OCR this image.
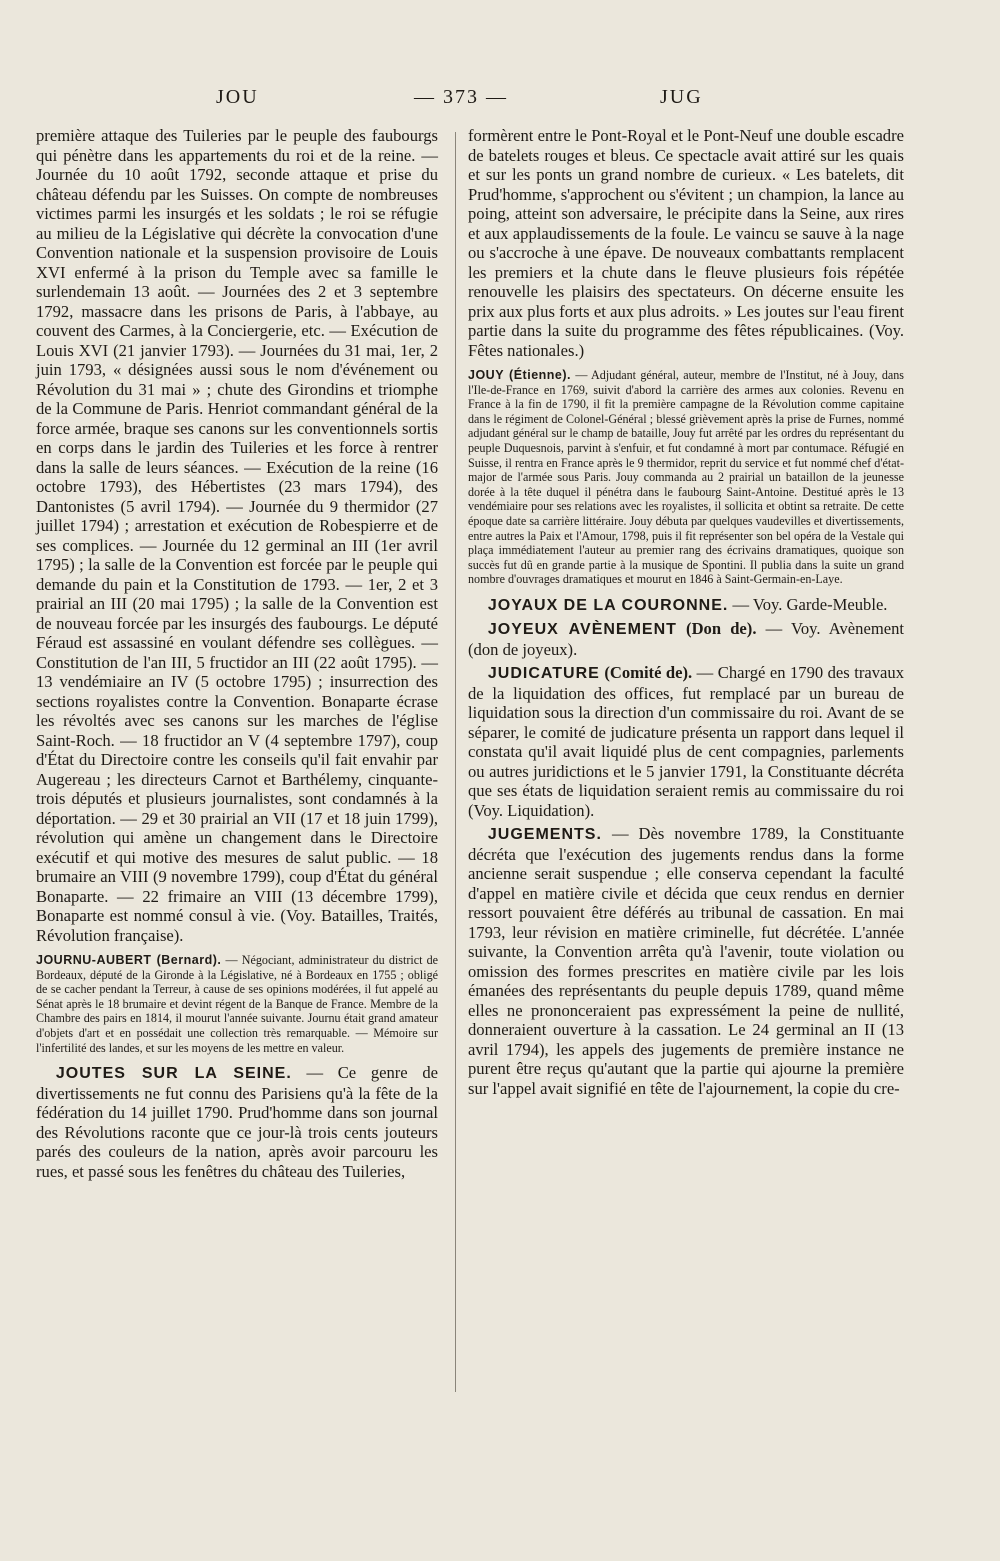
JOU	— 373 —	JUG

première attaque des Tuileries par le peuple des faubourgs qui pénètre dans les appartements du roi et de la reine. — Journée du 10 août 1792, seconde attaque et prise du château défendu par les Suisses. On compte de nombreuses victimes parmi les insurgés et les soldats ; le roi se réfugie au milieu de la Législative qui décrète la convocation d'une Convention nationale et la suspension provisoire de Louis XVI enfermé à la prison du Temple avec sa famille le surlendemain 13 août. — Journées des 2 et 3 septembre 1792, massacre dans les prisons de Paris, à l'abbaye, au couvent des Carmes, à la Conciergerie, etc. — Exécution de Louis XVI (21 janvier 1793). — Journées du 31 mai, 1er, 2 juin 1793, « désignées aussi sous le nom d'événement ou Révolution du 31 mai » ; chute des Girondins et triomphe de la Commune de Paris. Henriot commandant général de la force armée, braque ses canons sur les conventionnels sortis en corps dans le jardin des Tuileries et les force à rentrer dans la salle de leurs séances. — Exécution de la reine (16 octobre 1793), des Hébertistes (23 mars 1794), des Dantonistes (5 avril 1794). — Journée du 9 thermidor (27 juillet 1794) ; arrestation et exécution de Robespierre et de ses complices. — Journée du 12 germinal an III (1er avril 1795) ; la salle de la Convention est forcée par le peuple qui demande du pain et la Constitution de 1793. — 1er, 2 et 3 prairial an III (20 mai 1795) ; la salle de la Convention est de nouveau forcée par les insurgés des faubourgs. Le député Féraud est assassiné en voulant défendre ses collègues. — Constitution de l'an III, 5 fructidor an III (22 août 1795). — 13 vendémiaire an IV (5 octobre 1795) ; insurrection des sections royalistes contre la Convention. Bonaparte écrase les révoltés avec ses canons sur les marches de l'église Saint-Roch. — 18 fructidor an V (4 septembre 1797), coup d'État du Directoire contre les conseils qu'il fait envahir par Augereau ; les directeurs Carnot et Barthélemy, cinquante-trois députés et plusieurs journalistes, sont condamnés à la déportation. — 29 et 30 prairial an VII (17 et 18 juin 1799), révolution qui amène un changement dans le Directoire exécutif et qui motive des mesures de salut public. — 18 brumaire an VIII (9 novembre 1799), coup d'État du général Bonaparte. — 22 frimaire an VIII (13 décembre 1799), Bonaparte est nommé consul à vie. (Voy. Batailles, Traités, Révolution française).

JOURNU-AUBERT (Bernard). — Négociant, administrateur du district de Bordeaux, député de la Gironde à la Législative, né à Bordeaux en 1755 ; obligé de se cacher pendant la Terreur, à cause de ses opinions modérées, il fut appelé au Sénat après le 18 brumaire et devint régent de la Banque de France. Membre de la Chambre des pairs en 1814, il mourut l'année suivante. Journu était grand amateur d'objets d'art et en possédait une collection très remarquable. — Mémoire sur l'infertilité des landes, et sur les moyens de les mettre en valeur.

JOUTES SUR LA SEINE. — Ce genre de divertissements ne fut connu des Parisiens qu'à la fête de la fédération du 14 juillet 1790. Prud'homme dans son journal des Révolutions raconte que ce jour-là trois cents jouteurs parés des couleurs de la nation, après avoir parcouru les rues, et passé sous les fenêtres du château des Tuileries,

formèrent entre le Pont-Royal et le Pont-Neuf une double escadre de batelets rouges et bleus. Ce spectacle avait attiré sur les quais et sur les ponts un grand nombre de curieux. « Les batelets, dit Prud'homme, s'approchent ou s'évitent ; un champion, la lance au poing, atteint son adversaire, le précipite dans la Seine, aux rires et aux applaudissements de la foule. Le vaincu se sauve à la nage ou s'accroche à une épave. De nouveaux combattants remplacent les premiers et la chute dans le fleuve plusieurs fois répétée renouvelle les plaisirs des spectateurs. On décerne ensuite les prix aux plus forts et aux plus adroits. » Les joutes sur l'eau firent partie dans la suite du programme des fêtes républicaines. (Voy. Fêtes nationales.)

JOUY (Étienne). — Adjudant général, auteur, membre de l'Institut, né à Jouy, dans l'Ile-de-France en 1769, suivit d'abord la carrière des armes aux colonies. Revenu en France à la fin de 1790, il fit la première campagne de la Révolution comme capitaine dans le régiment de Colonel-Général ; blessé grièvement après la prise de Furnes, nommé adjudant général sur le champ de bataille, Jouy fut arrêté par les ordres du représentant du peuple Duquesnois, parvint à s'enfuir, et fut condamné à mort par contumace. Réfugié en Suisse, il rentra en France après le 9 thermidor, reprit du service et fut nommé chef d'état-major de l'armée sous Paris. Jouy commanda au 2 prairial un bataillon de la jeunesse dorée à la tête duquel il pénétra dans le faubourg Saint-Antoine. Destitué après le 13 vendémiaire pour ses relations avec les royalistes, il sollicita et obtint sa retraite. De cette époque date sa carrière littéraire. Jouy débuta par quelques vaudevilles et divertissements, entre autres la Paix et l'Amour, 1798, puis il fit représenter son bel opéra de la Vestale qui plaça immédiatement l'auteur au premier rang des écrivains dramatiques, quoique son succès fut dû en grande partie à la musique de Spontini. Il publia dans la suite un grand nombre d'ouvrages dramatiques et mourut en 1846 à Saint-Germain-en-Laye.

JOYAUX DE LA COURONNE. — Voy. Garde-Meuble.

JOYEUX AVÈNEMENT (Don de). — Voy. Avènement (don de joyeux).

JUDICATURE (Comité de). — Chargé en 1790 des travaux de la liquidation des offices, fut remplacé par un bureau de liquidation sous la direction d'un commissaire du roi. Avant de se séparer, le comité de judicature présenta un rapport dans lequel il constata qu'il avait liquidé plus de cent compagnies, parlements ou autres juridictions et le 5 janvier 1791, la Constituante décréta que ses états de liquidation seraient remis au commissaire du roi (Voy. Liquidation).

JUGEMENTS. — Dès novembre 1789, la Constituante décréta que l'exécution des jugements rendus dans la forme ancienne serait suspendue ; elle conserva cependant la faculté d'appel en matière civile et décida que ceux rendus en dernier ressort pouvaient être déférés au tribunal de cassation. En mai 1793, leur révision en matière criminelle, fut décrétée. L'année suivante, la Convention arrêta qu'à l'avenir, toute violation ou omission des formes prescrites en matière civile par les lois émanées des représentants du peuple depuis 1789, quand même elles ne prononceraient pas expressément la peine de nullité, donneraient ouverture à la cassation. Le 24 germinal an II (13 avril 1794), les appels des jugements de première instance ne purent être reçus qu'autant que la partie qui ajourne la première sur l'appel avait signifié en tête de l'ajournement, la copie du cre-
